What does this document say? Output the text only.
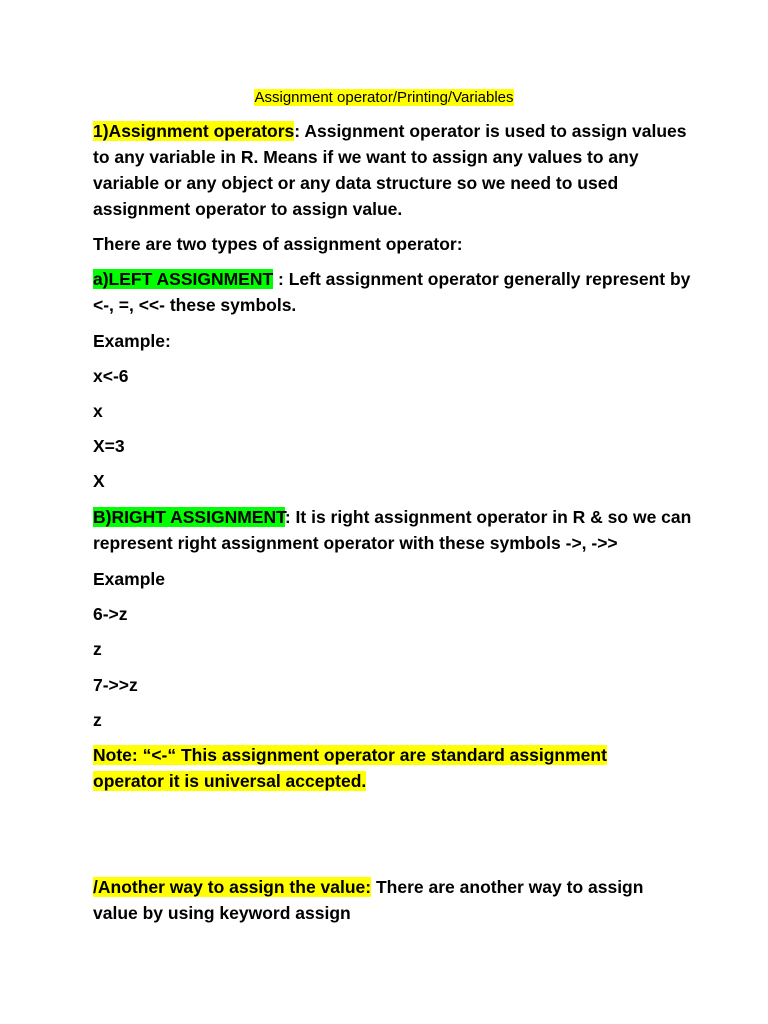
Assignment operator/Printing/Variables
1)Assignment operators: Assignment operator is used to assign values to any variable in R. Means if we want to assign any values to any variable or any object or any data structure so we need to used assignment operator to assign value.
There are two types of assignment operator:
a)LEFT ASSIGNMENT : Left assignment operator generally represent by <-, =, <<- these symbols.
Example:
x<-6
x
X=3
X
B)RIGHT ASSIGNMENT: It is right assignment operator in R & so we can represent right assignment operator with these symbols ->, ->>
Example
6->z
z
7->>z
z
Note: “<-“ This assignment operator are standard assignment
operator it is universal accepted.
/Another way to assign the value: There are another way to assign value by using keyword assign
